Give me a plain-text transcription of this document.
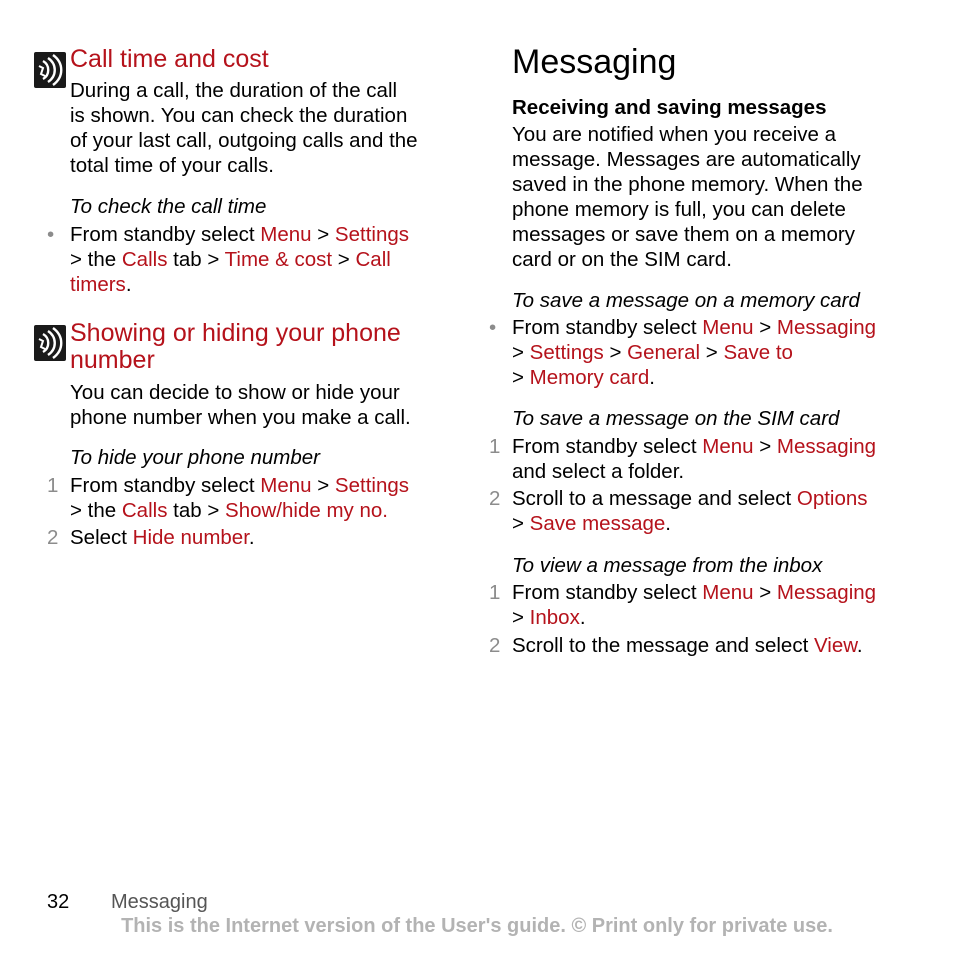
Call time and cost
During a call, the duration of the call
is shown. You can check the duration
of your last call, outgoing calls and the
total time of your calls.

To check the call time

• From standby select Menu > Settings
> the Calls tab > Time & cost > Call
timers.
Showing or hiding your phone
number
You can decide to show or hide your
phone number when you make a call.

To hide your phone number

1 From standby select Menu > Settings
> the Calls tab > Show/hide my no.
2 Select Hide number.
Messaging

Receiving and saving messages

You are notified when you receive a
message. Messages are automatically
saved in the phone memory. When the
phone memory is full, you can delete
messages or save them on a memory
card or on the SIM card.

To save a message on a memory card

• From standby select Menu > Messaging
> Settings > General > Save to
> Memory card.

To save a message on the SIM card

1 From standby select Menu > Messaging
and select a folder.
2 Scroll to a message and select Options
> Save message.

To view a message from the inbox

1 From standby select Menu > Messaging
> Inbox.
2 Scroll to the message and select View.
32 Messaging
This is the Internet version of the User's guide. © Print only for private use.
